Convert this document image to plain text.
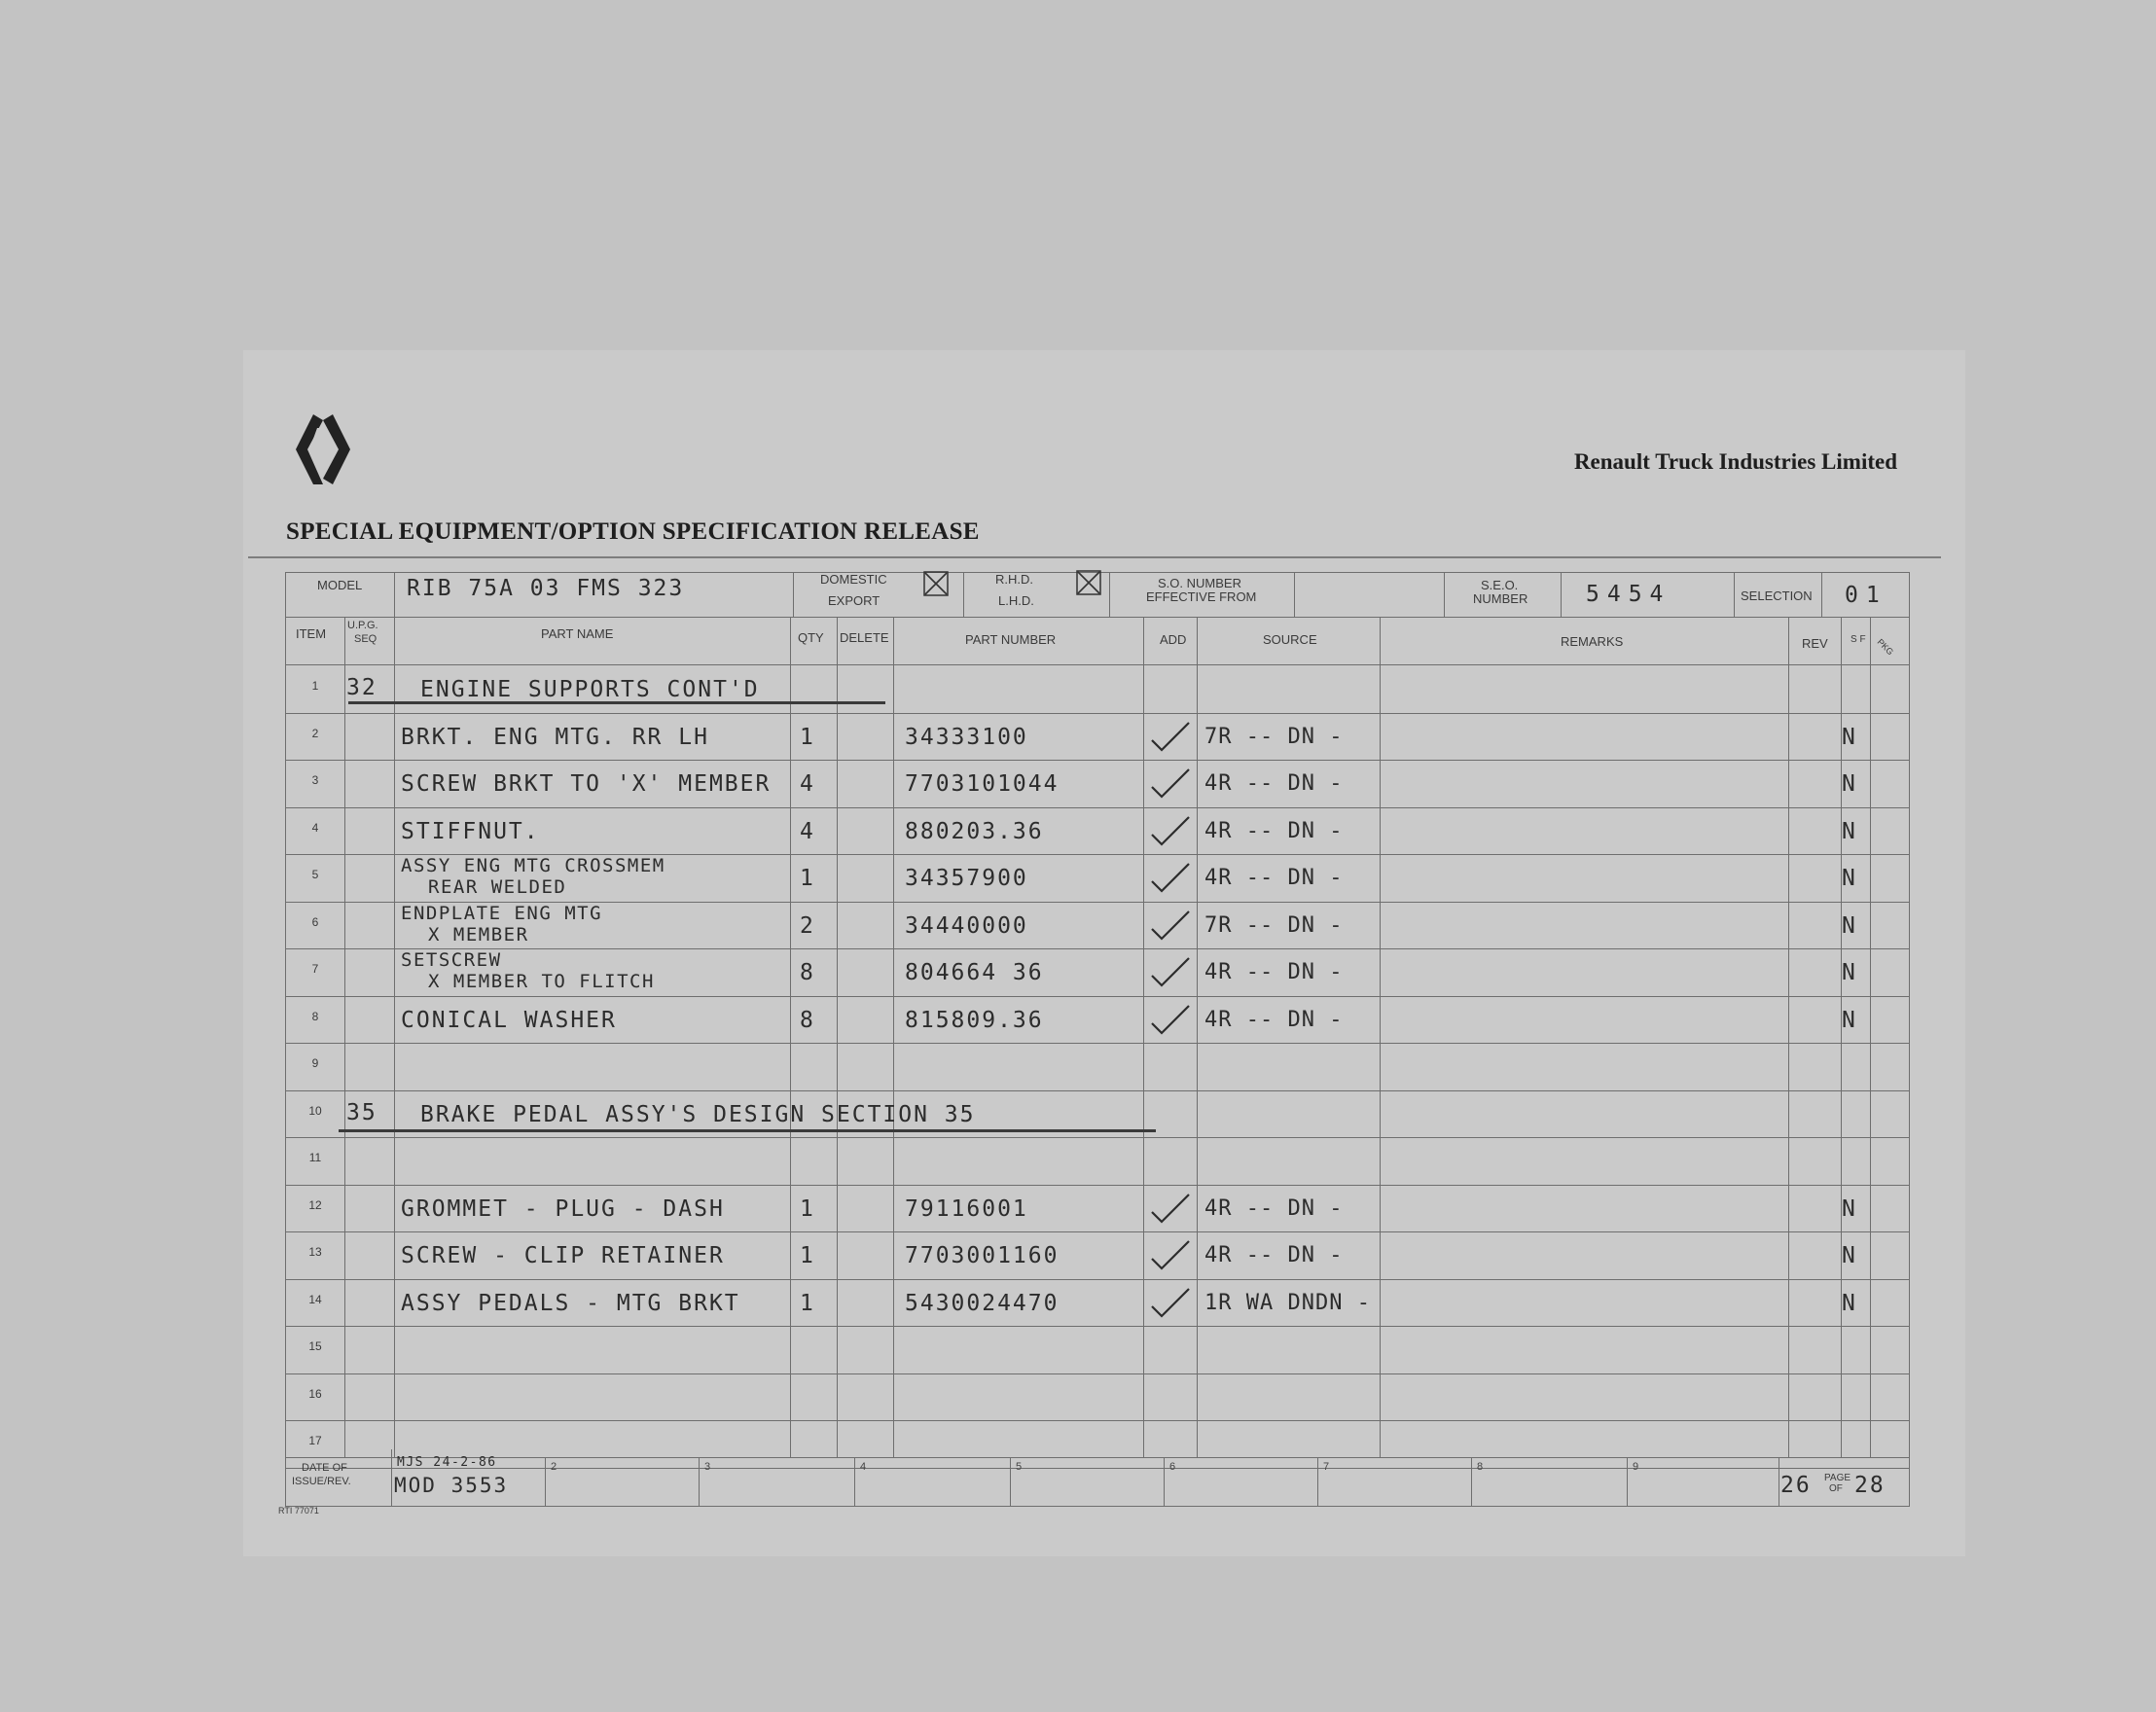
Renault Truck Industries Limited
SPECIAL EQUIPMENT/OPTION SPECIFICATION RELEASE
MODEL RIB 75A 03 FMS 323	DOMESTIC
EXPORT
R.H.D.
L.H.D.
S.O. NUMBER
EFFECTIVE FROM
S.E.O.
NUMBER	5454	SELECTION 01
ITEM
U.P.G.
SEQ	PART NAME	QTY DELETE	PART NUMBER	ADD	SOURCE	REMARKS	REV S F PKG
1	32 ENGINE SUPPORTS CONT'D
2	BRKT. ENG MTG. RR LH	1	34333100	7R -- DN -	N
3	SCREW BRKT TO 'X' MEMBER 4	7703101044	4R -- DN -	N
4	STIFFNUT.	4	880203.36	4R -- DN -	N
5	ASSY ENG MTG CROSSMEM
REAR WELDED	1	34357900	4R -- DN -	N
6	ENDPLATE ENG MTG
X MEMBER	2	34440000	7R -- DN -	N
7	SETSCREW
X MEMBER TO FLITCH	8	804664 36	4R -- DN -	N
8	CONICAL WASHER	8	815809.36	4R -- DN -	N
9
10	35 BRAKE PEDAL ASSY'S DESIGN SECTION 35
11
12	GROMMET - PLUG - DASH	1	79116001	4R -- DN -	N
13	SCREW - CLIP RETAINER	1	7703001160	4R -- DN -	N
14	ASSY PEDALS - MTG BRKT	1	5430024470	1R WA DNDN -	N
15
16
17
DATE OF
ISSUE/REV.
MJS 24-2-86
MOD 3553
2	3	4	5	6	7	8	9
26 PAGE
OF 28
RTI 77071
